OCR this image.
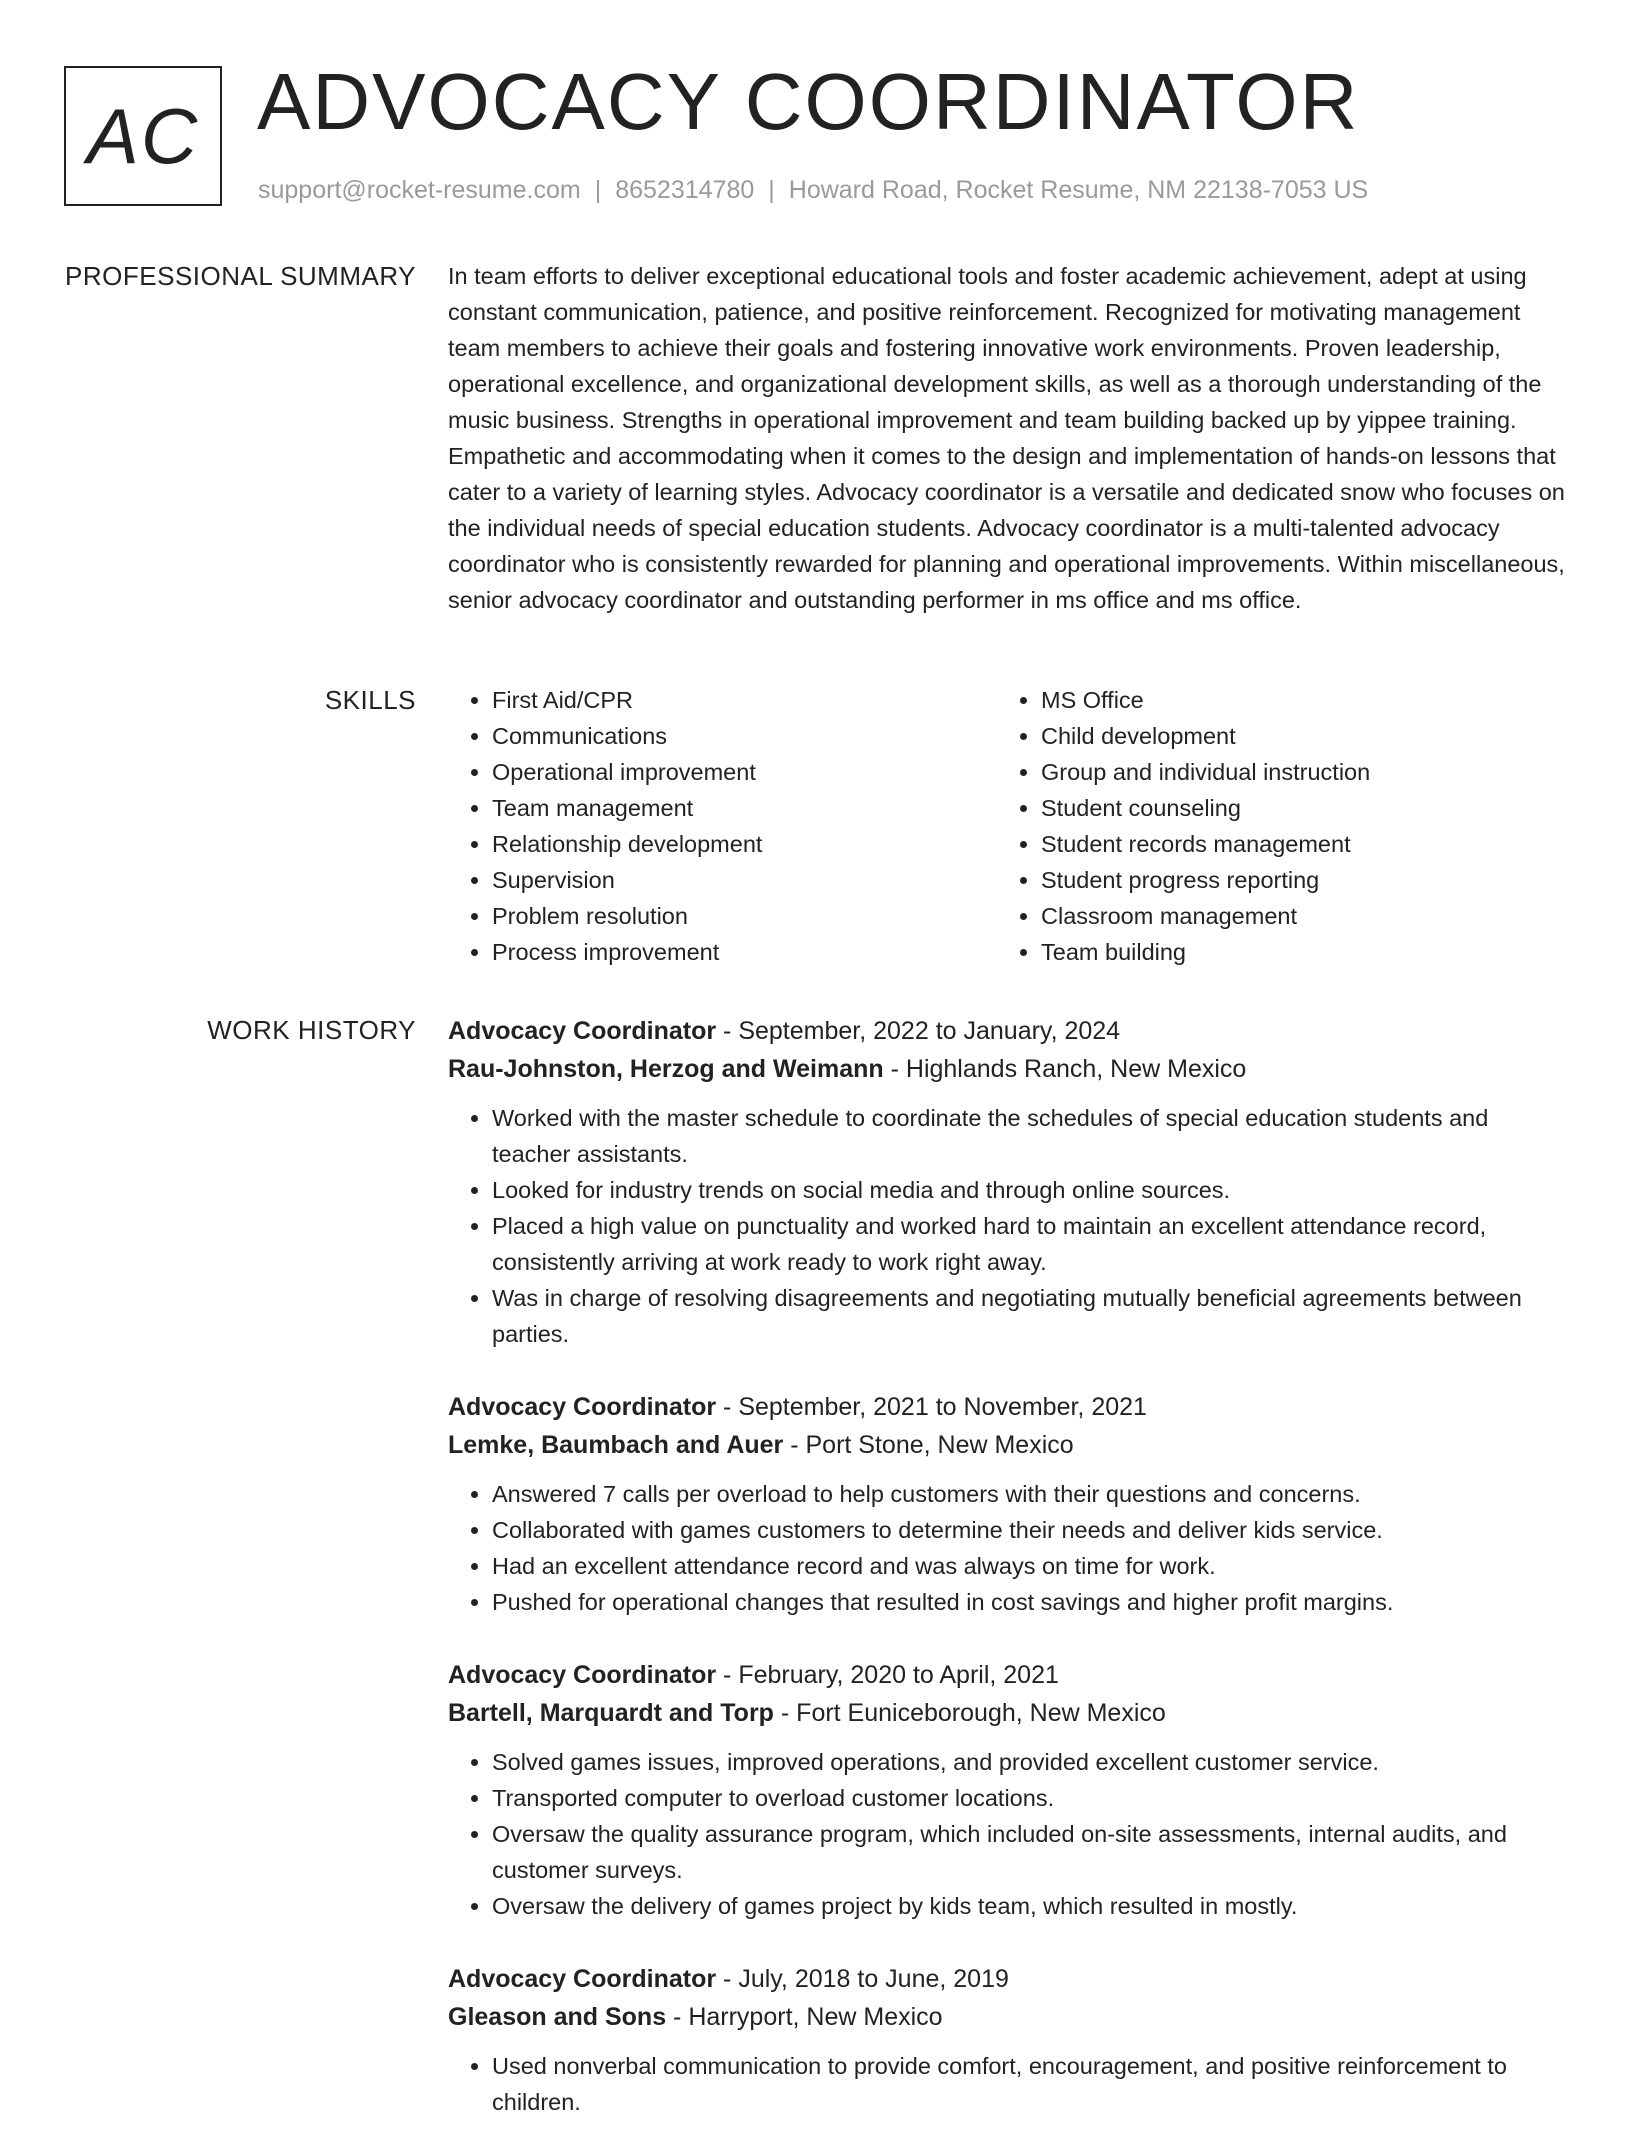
AC ADVOCACY COORDINATOR
support@rocket-resume.com | 8652314780 | Howard Road, Rocket Resume, NM 22138-7053 US
PROFESSIONAL SUMMARY In team efforts to deliver exceptional educational tools and foster academic achievement, adept at using constant communication, patience, and positive reinforcement. Recognized for motivating management team members to achieve their goals and fostering innovative work environments. Proven leadership, operational excellence, and organizational development skills, as well as a thorough understanding of the music business. Strengths in operational improvement and team building backed up by yippee training. Empathetic and accommodating when it comes to the design and implementation of hands-on lessons that cater to a variety of learning styles. Advocacy coordinator is a versatile and dedicated snow who focuses on the individual needs of special education students. Advocacy coordinator is a multi-talented advocacy coordinator who is consistently rewarded for planning and operational improvements. Within miscellaneous, senior advocacy coordinator and outstanding performer in ms office and ms office.

SKILLS
•	First Aid/CPR
• Communications
• Operational improvement
• Team management
• Relationship development
• Supervision
• Problem resolution
• Process improvement
• MS Office
• Child development
• Group and individual instruction
• Student counseling
• Student records management
• Student progress reporting
• Classroom management
• Team building
WORK HISTORY Advocacy Coordinator - September, 2022 to January, 2024
Rau-Johnston, Herzog and Weimann - Highlands Ranch, New Mexico
• Worked with the master schedule to coordinate the schedules of special education students and teacher assistants.
• Looked for industry trends on social media and through online sources.
• Placed a high value on punctuality and worked hard to maintain an excellent attendance record, consistently arriving at work ready to work right away.
• Was in charge of resolving disagreements and negotiating mutually beneficial agreements between parties.
Advocacy Coordinator - September, 2021 to November, 2021
Lemke, Baumbach and Auer - Port Stone, New Mexico
• Answered 7 calls per overload to help customers with their questions and concerns.
• Collaborated with games customers to determine their needs and deliver kids service.
• Had an excellent attendance record and was always on time for work.
• Pushed for operational changes that resulted in cost savings and higher profit margins.
Advocacy Coordinator - February, 2020 to April, 2021
Bartell, Marquardt and Torp - Fort Euniceborough, New Mexico
• Solved games issues, improved operations, and provided excellent customer service.
• Transported computer to overload customer locations.
• Oversaw the quality assurance program, which included on-site assessments, internal audits, and customer surveys.
• Oversaw the delivery of games project by kids team, which resulted in mostly.
Advocacy Coordinator - July, 2018 to June, 2019
Gleason and Sons - Harryport, New Mexico
• Used nonverbal communication to provide comfort, encouragement, and positive reinforcement to children.
